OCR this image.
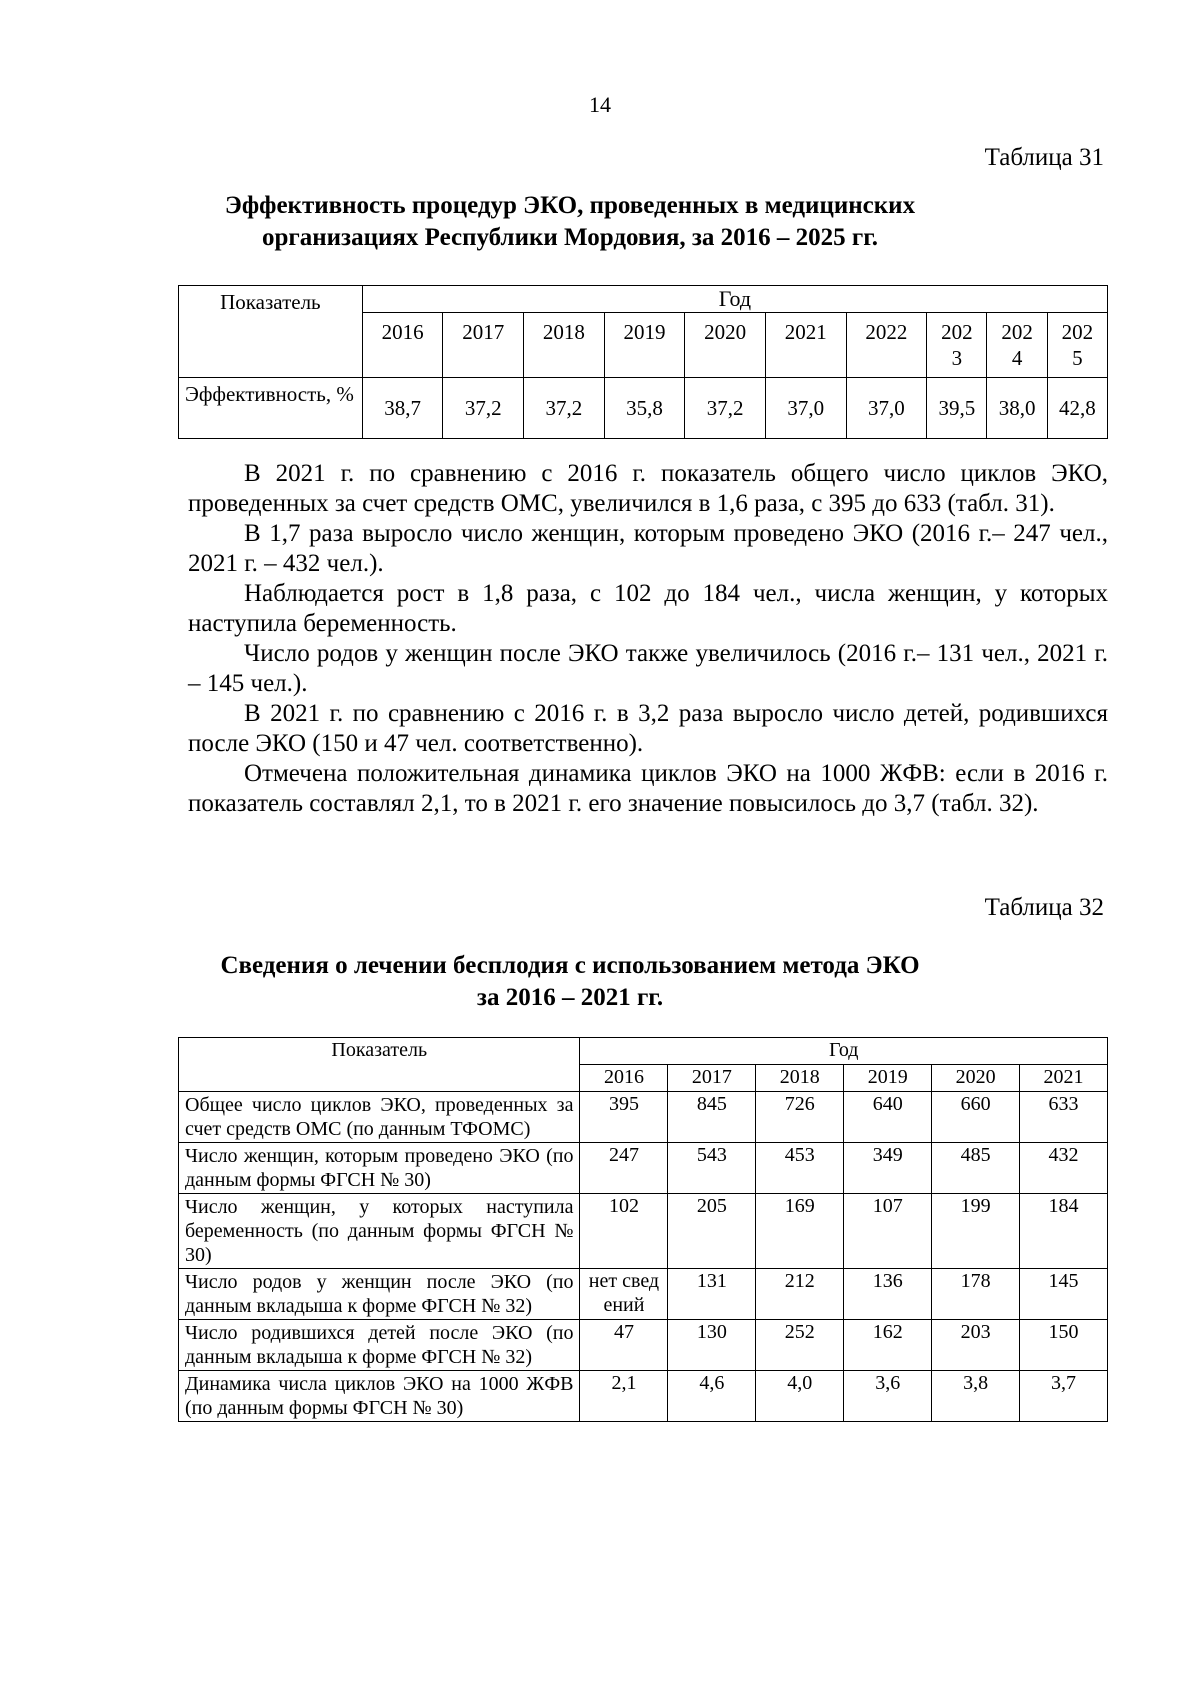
14
Таблица 31
Эффективность процедур ЭКО, проведенных в медицинских
организациях Республики Мордовия, за 2016 – 2025 гг.
Показатель	Год									
	2016	2017	2018	2019	2020	2021	2022	2023	2024	2025

Эффективность, %	38,7	37,2	37,2	35,8	37,2	37,0	37,0	39,5	38,0	42,8

В 2021 г. по сравнению с 2016 г. показатель общего число циклов ЭКО, проведенных за счет средств ОМС, увеличился в 1,6 раза, с 395 до 633 (табл. 31).

В 1,7 раза выросло число женщин, которым проведено ЭКО (2016 г.– 247 чел., 2021 г. – 432 чел.).

Наблюдается рост в 1,8 раза, с 102 до 184 чел., числа женщин, у которых наступила беременность.

Число родов у женщин после ЭКО также увеличилось (2016 г.– 131 чел., 2021 г. – 145 чел.).

В 2021 г. по сравнению с 2016 г. в 3,2 раза выросло число детей, родившихся после ЭКО (150 и 47 чел. соответственно).

Отмечена положительная динамика циклов ЭКО на 1000 ЖФВ: если в 2016 г. показатель составлял 2,1, то в 2021 г. его значение повысилось до 3,7 (табл. 32).

Таблица 32
Сведения о лечении бесплодия с использованием метода ЭКО
за 2016 – 2021 гг.
Показатель	Год					
	2016	2017	2018	2019	2020	2021
Общее число циклов ЭКО, проведенных за счет средств ОМС (по данным ТФОМС)	395	845	726	640	660	633
Число женщин, которым проведено ЭКО (по данным формы ФГСН № 30)	247	543	453	349	485	432
Число женщин, у которых наступила беременность (по данным формы ФГСН № 30)	102	205	169	107	199	184
Число родов у женщин после ЭКО (по данным вкладыша к форме ФГСН № 32)	нет сведений	131	212	136	178	145
Число родившихся детей после ЭКО (по данным вкладыша к форме ФГСН № 32)	47	130	252	162	203	150
Динамика числа циклов ЭКО на 1000 ЖФВ (по данным формы ФГСН № 30)	2,1	4,6	4,0	3,6	3,8	3,7
